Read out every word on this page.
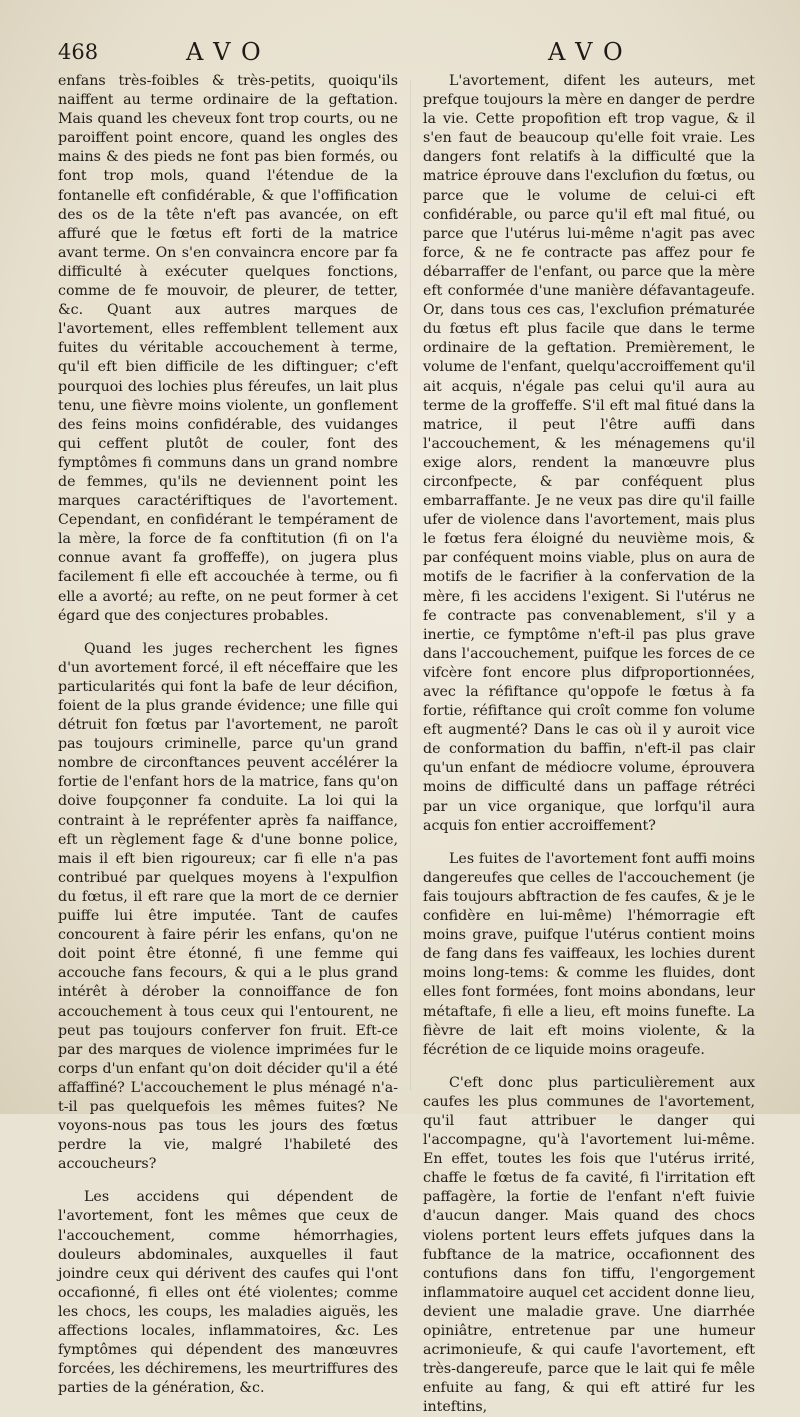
468	AVO	AVO

enfans très-foibles & très-petits, quoiqu'ils naiffent au terme ordinaire de la geftation. Mais quand les cheveux font trop courts, ou ne paroiffent point encore, quand les ongles des mains & des pieds ne font pas bien formés, ou font trop mols, quand l'étendue de la fontanelle eft confidérable, & que l'offification des os de la tête n'eft pas avancée, on eft affuré que le fœtus eft forti de la matrice avant terme. On s'en convaincra encore par fa difficulté à exécuter quelques fonctions, comme de fe mouvoir, de pleurer, de tetter, &c. Quant aux autres marques de l'avortement, elles reffemblent tellement aux fuites du véritable accouchement à terme, qu'il eft bien difficile de les diftinguer; c'eft pourquoi des lochies plus féreufes, un lait plus tenu, une fièvre moins violente, un gonflement des feins moins confidérable, des vuidanges qui ceffent plutôt de couler, font des fymptômes fi communs dans un grand nombre de femmes, qu'ils ne deviennent point les marques caractériftiques de l'avortement. Cependant, en confidérant le tempérament de la mère, la force de fa conftitution (fi on l'a connue avant fa groffeffe), on jugera plus facilement fi elle eft accouchée à terme, ou fi elle a avorté; au refte, on ne peut former à cet égard que des conjectures probables.

Quand les juges recherchent les fignes d'un avortement forcé, il eft néceffaire que les particularités qui font la bafe de leur décifion, foient de la plus grande évidence; une fille qui détruit fon fœtus par l'avortement, ne paroît pas toujours criminelle, parce qu'un grand nombre de circonftances peuvent accélérer la fortie de l'enfant hors de la matrice, fans qu'on doive foupçonner fa conduite. La loi qui la contraint à le repréfenter après fa naiffance, eft un règlement fage & d'une bonne police, mais il eft bien rigoureux; car fi elle n'a pas contribué par quelques moyens à l'expulfion du fœtus, il eft rare que la mort de ce dernier puiffe lui être imputée. Tant de caufes concourent à faire périr les enfans, qu'on ne doit point être étonné, fi une femme qui accouche fans fecours, & qui a le plus grand intérêt à dérober la connoiffance de fon accouchement à tous ceux qui l'entourent, ne peut pas toujours conferver fon fruit. Eft-ce par des marques de violence imprimées fur le corps d'un enfant qu'on doit décider qu'il a été affaffiné? L'accouchement le plus ménagé n'a-t-il pas quelquefois les mêmes fuites? Ne voyons-nous pas tous les jours des fœtus perdre la vie, malgré l'habileté des accoucheurs?

Les accidens qui dépendent de l'avortement, font les mêmes que ceux de l'accouchement, comme hémorrhagies, douleurs abdominales, auxquelles il faut joindre ceux qui dérivent des caufes qui l'ont occafionné, fi elles ont été violentes; comme les chocs, les coups, les maladies aiguës, les affections locales, inflammatoires, &c. Les fymptômes qui dépendent des manœuvres forcées, les déchiremens, les meurtriffures des parties de la génération, &c.

L'avortement, difent les auteurs, met prefque toujours la mère en danger de perdre la vie. Cette propofition eft trop vague, & il s'en faut de beaucoup qu'elle foit vraie. Les dangers font relatifs à la difficulté que la matrice éprouve dans l'exclufion du fœtus, ou parce que le volume de celui-ci eft confidérable, ou parce qu'il eft mal fitué, ou parce que l'utérus lui-même n'agit pas avec force, & ne fe contracte pas affez pour fe débarraffer de l'enfant, ou parce que la mère eft conformée d'une manière défavantageufe. Or, dans tous ces cas, l'exclufion prématurée du fœtus eft plus facile que dans le terme ordinaire de la geftation. Premièrement, le volume de l'enfant, quelqu'accroiffement qu'il ait acquis, n'égale pas celui qu'il aura au terme de la groffeffe. S'il eft mal fitué dans la matrice, il peut l'être auffi dans l'accouchement, & les ménagemens qu'il exige alors, rendent la manœuvre plus circonfpecte, & par conféquent plus embarraffante. Je ne veux pas dire qu'il faille ufer de violence dans l'avortement, mais plus le fœtus fera éloigné du neuvième mois, & par conféquent moins viable, plus on aura de motifs de le facrifier à la confervation de la mère, fi les accidens l'exigent. Si l'utérus ne fe contracte pas convenablement, s'il y a inertie, ce fymptôme n'eft-il pas plus grave dans l'accouchement, puifque les forces de ce vifcère font encore plus difproportionnées, avec la réfiftance qu'oppofe le fœtus à fa fortie, réfiftance qui croît comme fon volume eft augmenté? Dans le cas où il y auroit vice de conformation du baffin, n'eft-il pas clair qu'un enfant de médiocre volume, éprouvera moins de difficulté dans un paffage rétréci par un vice organique, que lorfqu'il aura acquis fon entier accroiffement?

Les fuites de l'avortement font auffi moins dangereufes que celles de l'accouchement (je fais toujours abftraction de fes caufes, & je le confidère en lui-même) l'hémorragie eft moins grave, puifque l'utérus contient moins de fang dans fes vaiffeaux, les lochies durent moins long-tems: & comme les fluides, dont elles font formées, font moins abondans, leur métaftafe, fi elle a lieu, eft moins funefte. La fièvre de lait eft moins violente, & la fécrétion de ce liquide moins orageufe.

C'eft donc plus particulièrement aux caufes les plus communes de l'avortement, qu'il faut attribuer le danger qui l'accompagne, qu'à l'avortement lui-même. En effet, toutes les fois que l'utérus irrité, chaffe le fœtus de fa cavité, fi l'irritation eft paffagère, la fortie de l'enfant n'eft fuivie d'aucun danger. Mais quand des chocs violens portent leurs effets jufques dans la fubftance de la matrice, occafionnent des contufions dans fon tiffu, l'engorgement inflammatoire auquel cet accident donne lieu, devient une maladie grave. Une diarrhée opiniâtre, entretenue par une humeur acrimonieufe, & qui caufe l'avortement, eft très-dangereufe, parce que le lait qui fe mêle enfuite au fang, & qui eft attiré fur les inteftins,
